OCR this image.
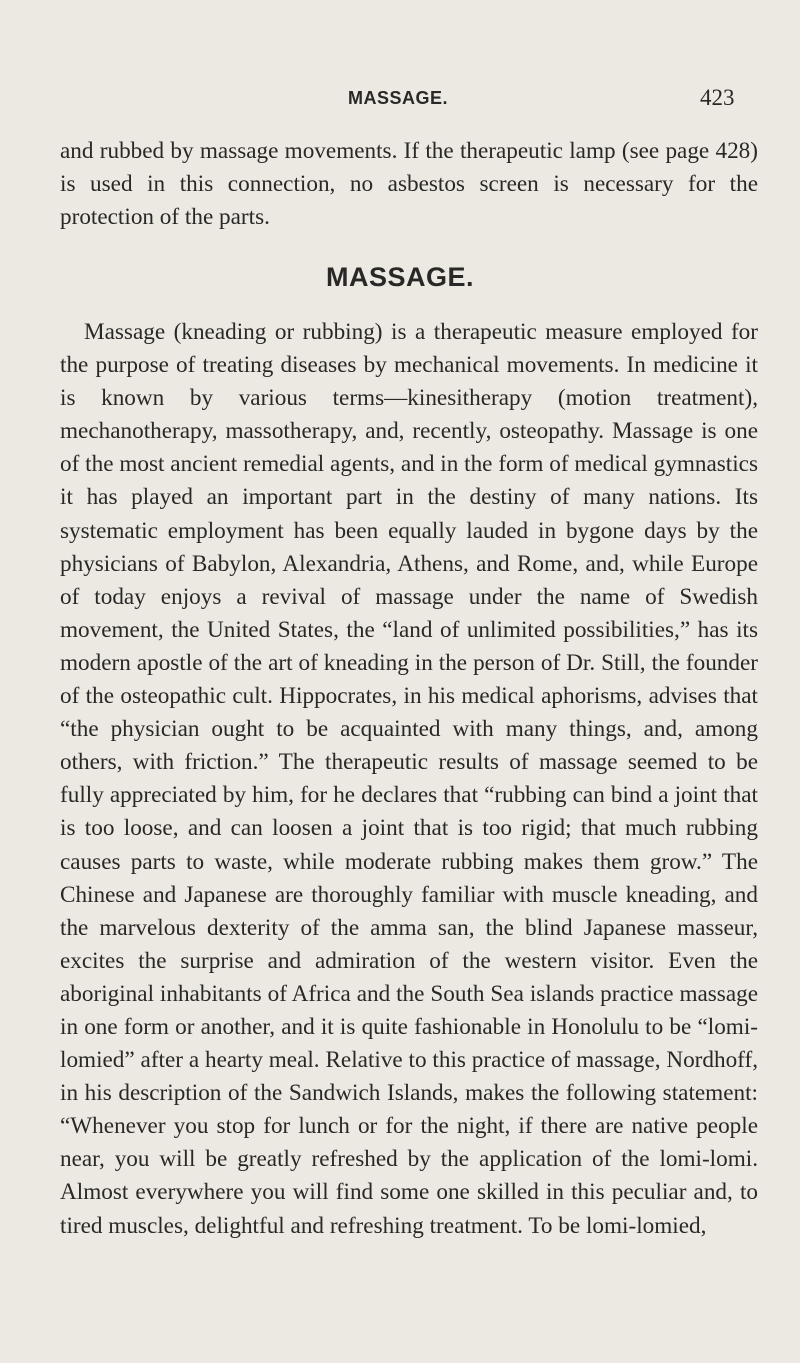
MASSAGE.	423

and rubbed by massage movements. If the therapeutic lamp (see page 428) is used in this connection, no asbestos screen is necessary for the protection of the parts.

MASSAGE.

Massage (kneading or rubbing) is a therapeutic measure employed for the purpose of treating diseases by mechanical movements. In medicine it is known by various terms—kinesitherapy (motion treatment), mechanotherapy, massotherapy, and, recently, osteopathy. Massage is one of the most ancient remedial agents, and in the form of medical gymnastics it has played an important part in the destiny of many nations. Its systematic employment has been equally lauded in bygone days by the physicians of Babylon, Alexandria, Athens, and Rome, and, while Europe of today enjoys a revival of massage under the name of Swedish movement, the United States, the “land of unlimited possibilities,” has its modern apostle of the art of kneading in the person of Dr. Still, the founder of the osteopathic cult. Hippocrates, in his medical aphorisms, advises that “the physician ought to be acquainted with many things, and, among others, with friction.” The therapeutic results of massage seemed to be fully appreciated by him, for he declares that “rubbing can bind a joint that is too loose, and can loosen a joint that is too rigid; that much rubbing causes parts to waste, while moderate rubbing makes them grow.” The Chinese and Japanese are thoroughly familiar with muscle kneading, and the marvelous dexterity of the amma san, the blind Japanese masseur, excites the surprise and admiration of the western visitor. Even the aboriginal inhabitants of Africa and the South Sea islands practice massage in one form or another, and it is quite fashionable in Honolulu to be “lomi-lomied” after a hearty meal. Relative to this practice of massage, Nordhoff, in his description of the Sandwich Islands, makes the following statement: “Whenever you stop for lunch or for the night, if there are native people near, you will be greatly refreshed by the application of the lomi-lomi. Almost everywhere you will find some one skilled in this peculiar and, to tired muscles, delightful and refreshing treatment. To be lomi-lomied,
